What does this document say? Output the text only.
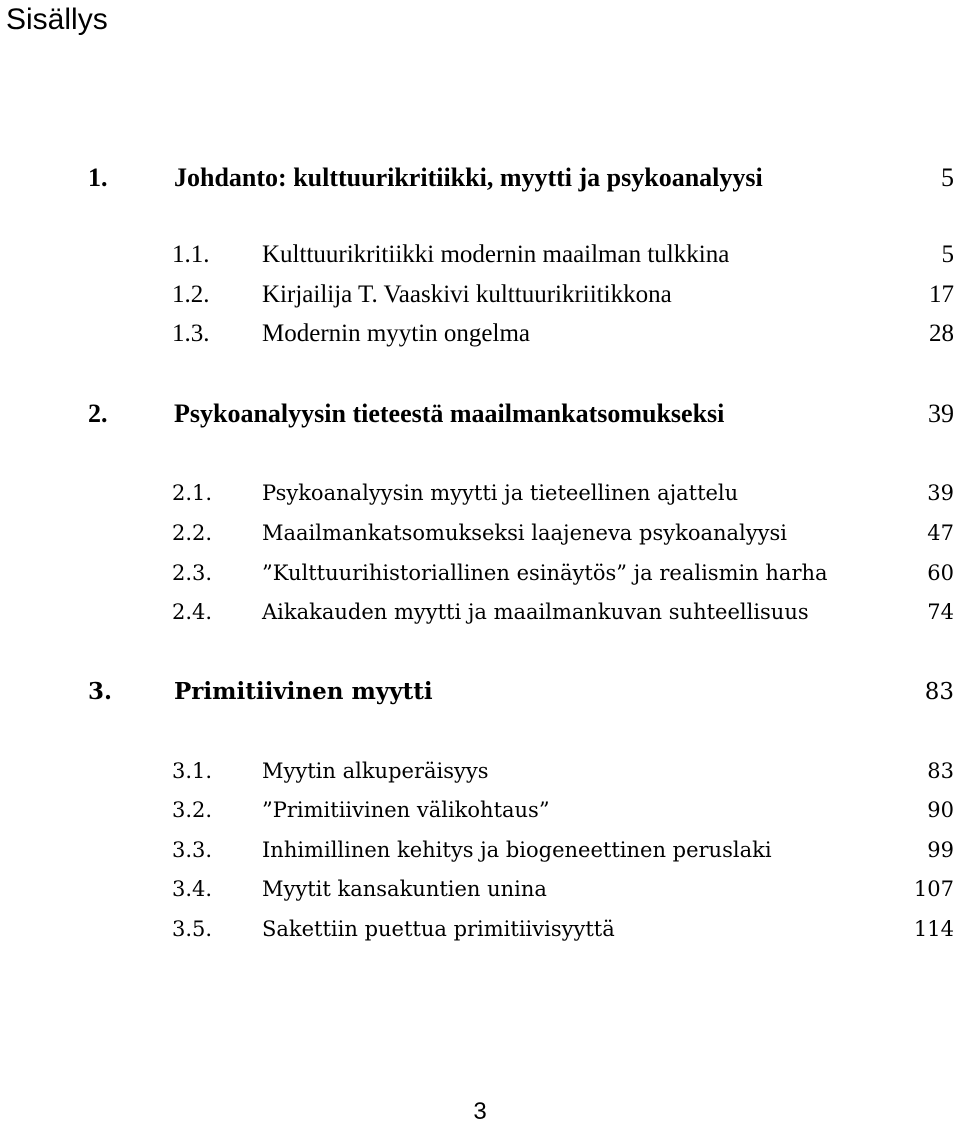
Sisällys
1.	Johdanto: kulttuurikritiikki, myytti ja psykoanalyysi	5
1.1. Kulttuurikritiikki modernin maailman tulkkina	5
1.2. Kirjailija T. Vaaskivi kulttuurikriitikkona	17
1.3. Modernin myytin ongelma	28
2.	Psykoanalyysin tieteestä maailmankatsomukseksi	39
2.1. Psykoanalyysin myytti ja tieteellinen ajattelu	39
2.2. Maailmankatsomukseksi laajeneva psykoanalyysi	47
2.3. ”Kulttuurihistoriallinen esinäytös” ja realismin harha	60
2.4. Aikakauden myytti ja maailmankuvan suhteellisuus	74
3.	Primitiivinen myytti	83
3.1. Myytin alkuperäisyys	83
3.2. ”Primitiivinen välikohtaus”	90
3.3. Inhimillinen kehitys ja biogeneettinen peruslaki	99
3.4. Myytit kansakuntien unina	107
3.5. Sakettiin puettua primitiivisyyttä	114
3
